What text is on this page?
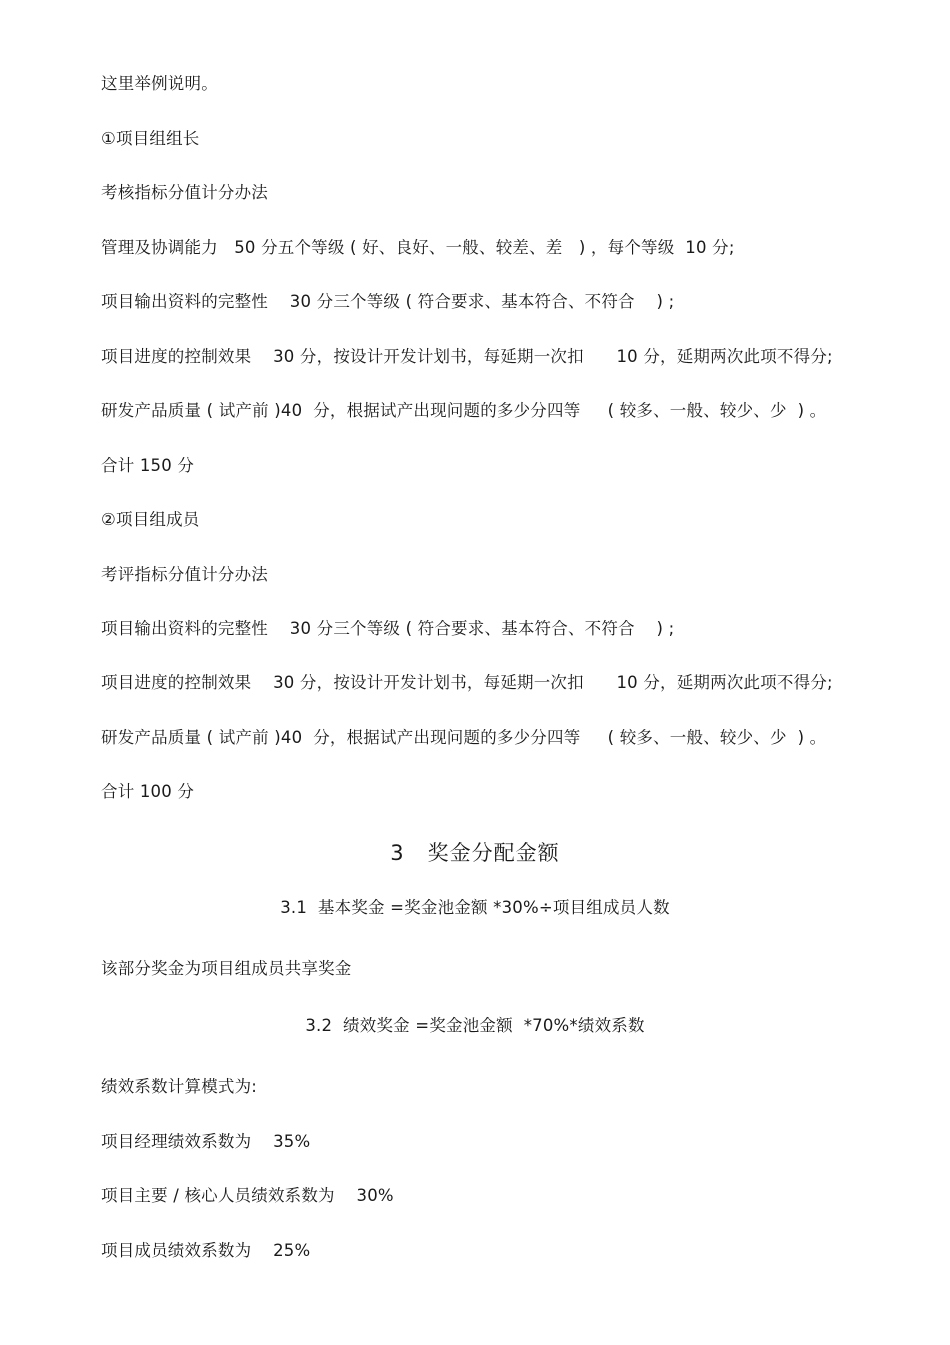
这里举例说明。
①项目组组长
考核指标分值计分办法
管理及协调能力   50 分五个等级 ( 好、良好、一般、较差、差   ) ，每个等级  10 分;
项目输出资料的完整性    30 分三个等级 ( 符合要求、基本符合、不符合    ) ;
项目进度的控制效果    30 分，按设计开发计划书，每延期一次扣      10 分，延期两次此项不得分;
研发产品质量 ( 试产前 )40  分，根据试产出现问题的多少分四等     ( 较多、一般、较少、少  ) 。
合计 150 分
②项目组成员
考评指标分值计分办法
项目输出资料的完整性    30 分三个等级 ( 符合要求、基本符合、不符合    ) ;
项目进度的控制效果    30 分，按设计开发计划书，每延期一次扣      10 分，延期两次此项不得分;
研发产品质量 ( 试产前 )40  分，根据试产出现问题的多少分四等     ( 较多、一般、较少、少  ) 。
合计 100 分
3   奖金分配金额
3.1  基本奖金 =奖金池金额 *30%÷项目组成员人数
该部分奖金为项目组成员共享奖金
3.2  绩效奖金 =奖金池金额  *70%*绩效系数
绩效系数计算模式为:
项目经理绩效系数为    35%
项目主要 / 核心人员绩效系数为    30%
项目成员绩效系数为    25%
